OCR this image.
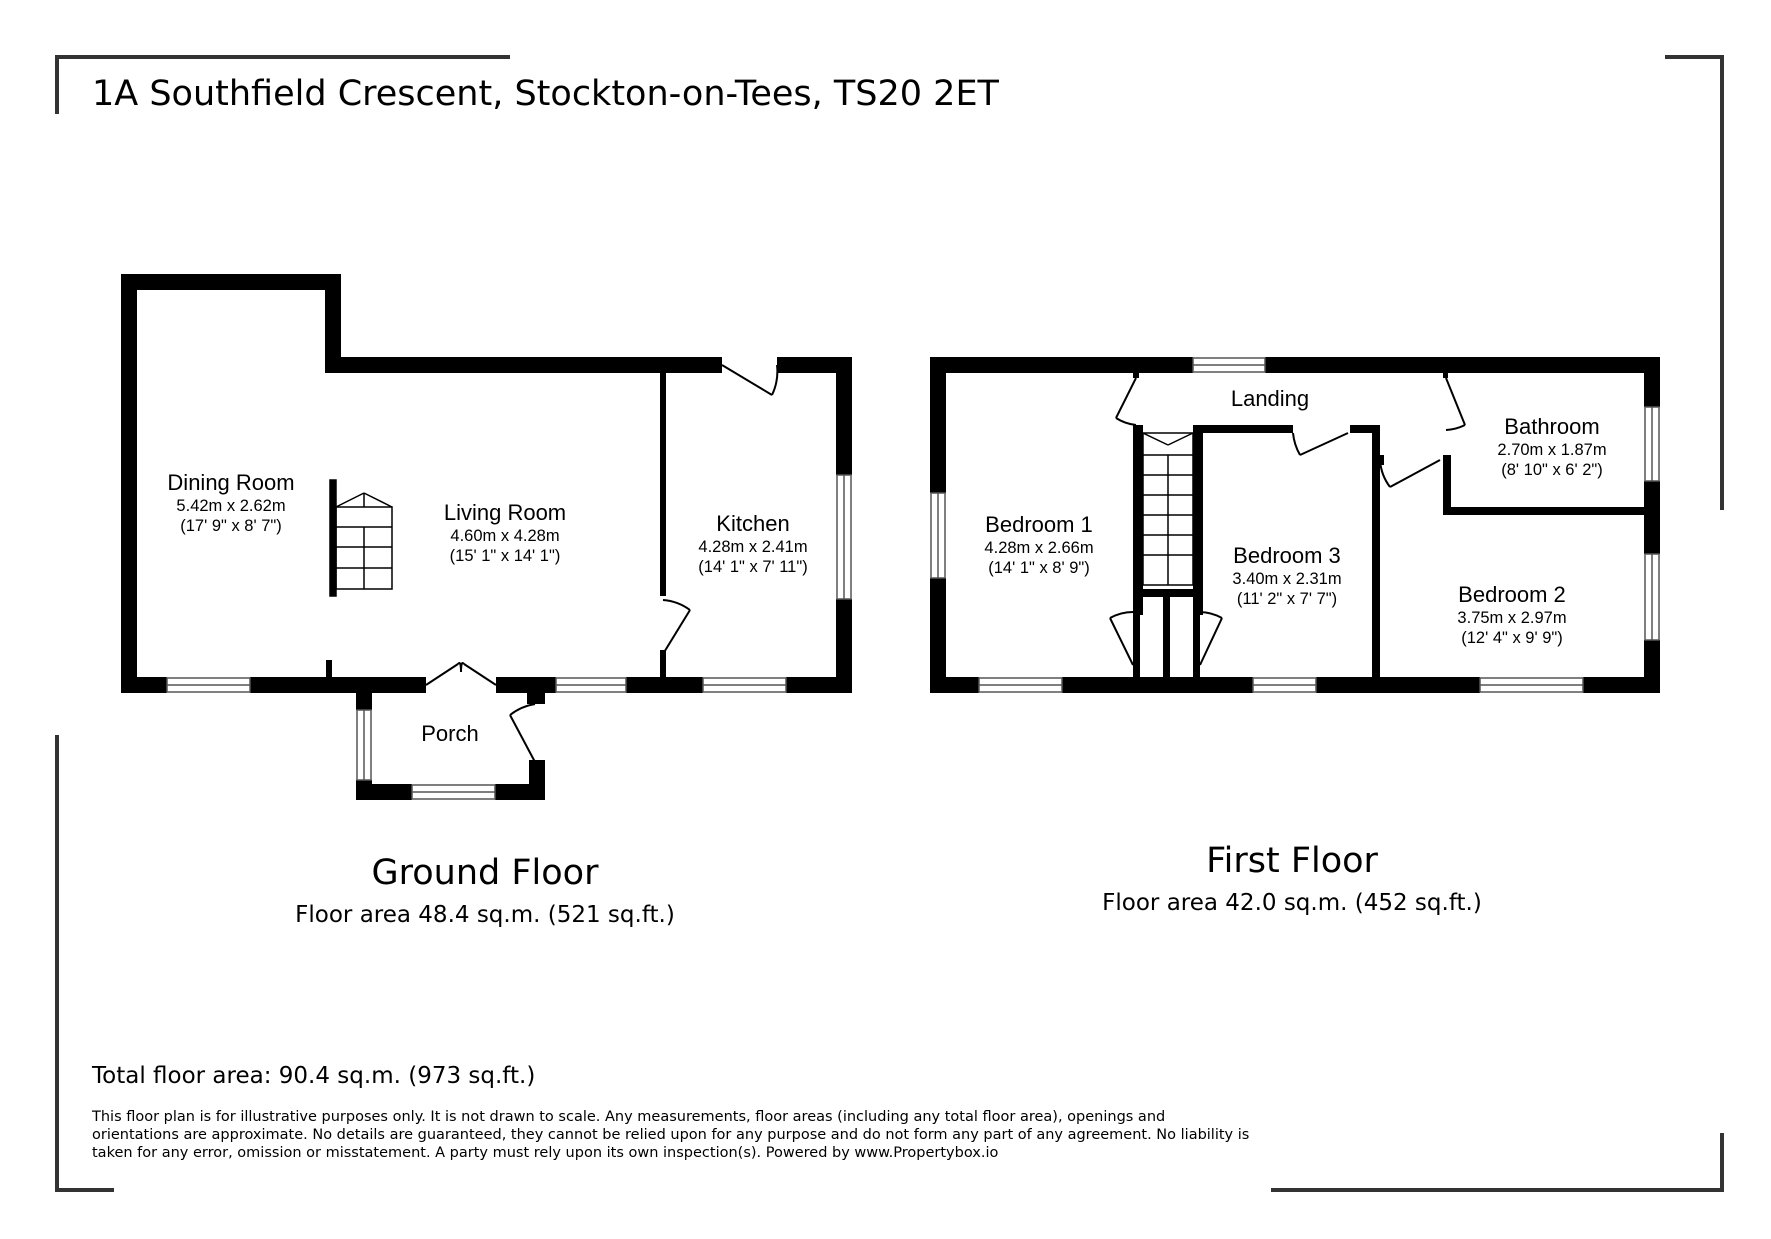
1A Southfield Crescent, Stockton-on-Tees, TS20 2ET
Dining Room
5.42m x 2.62m
(17' 9" x 8' 7")
Living Room
4.60m x 4.28m
(15' 1" x 14' 1")
Kitchen
4.28m x 2.41m
(14' 1" x 7' 11")
Porch
Landing
Bathroom
2.70m x 1.87m
(8' 10" x 6' 2")
Bedroom 1
4.28m x 2.66m
(14' 1" x 8' 9")	Bedroom 3
3.40m x 2.31m
(11' 2" x 7' 7")	Bedroom 2
3.75m x 2.97m
(12' 4" x 9' 9")
Ground Floor
Floor area 48.4 sq.m. (521 sq.ft.)
First Floor
Floor area 42.0 sq.m. (452 sq.ft.)
Total floor area: 90.4 sq.m. (973 sq.ft.)
This floor plan is for illustrative purposes only. It is not drawn to scale. Any measurements, floor areas (including any total floor area), openings and orientations are approximate. No details are guaranteed, they cannot be relied upon for any purpose and do not form any part of any agreement. No liability is taken for any error, omission or misstatement. A party must rely upon its own inspection(s). Powered by www.Propertybox.io
